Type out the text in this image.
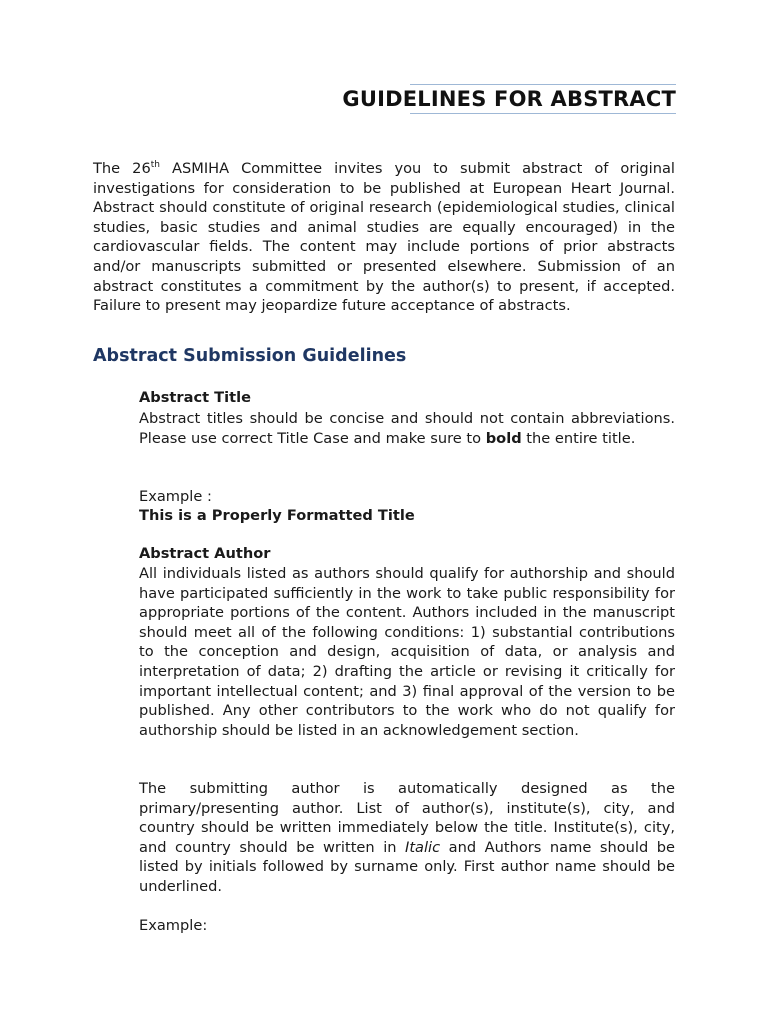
GUIDELINES FOR ABSTRACT
The 26th ASMIHA Committee invites you to submit abstract of original investigations for consideration to be published at European Heart Journal. Abstract should constitute of original research (epidemiological studies, clinical studies, basic studies and animal studies are equally encouraged) in the cardiovascular fields. The content may include portions of prior abstracts and/or manuscripts submitted or presented elsewhere. Submission of an abstract constitutes a commitment by the author(s) to present, if accepted. Failure to present may jeopardize future acceptance of abstracts.
Abstract Submission Guidelines
Abstract Title
Abstract titles should be concise and should not contain abbreviations. Please use correct Title Case and make sure to bold the entire title.
Example :
This is a Properly Formatted Title
Abstract Author
All individuals listed as authors should qualify for authorship and should have participated sufficiently in the work to take public responsibility for appropriate portions of the content. Authors included in the manuscript should meet all of the following conditions: 1) substantial contributions to the conception and design, acquisition of data, or analysis and interpretation of data; 2) drafting the article or revising it critically for important intellectual content; and 3) final approval of the version to be published. Any other contributors to the work who do not qualify for authorship should be listed in an acknowledgement section.
The submitting author is automatically designed as the primary/presenting author. List of author(s), institute(s), city, and country should be written immediately below the title. Institute(s), city, and country should be written in Italic and Authors name should be listed by initials followed by surname only. First author name should be underlined.
Example:
